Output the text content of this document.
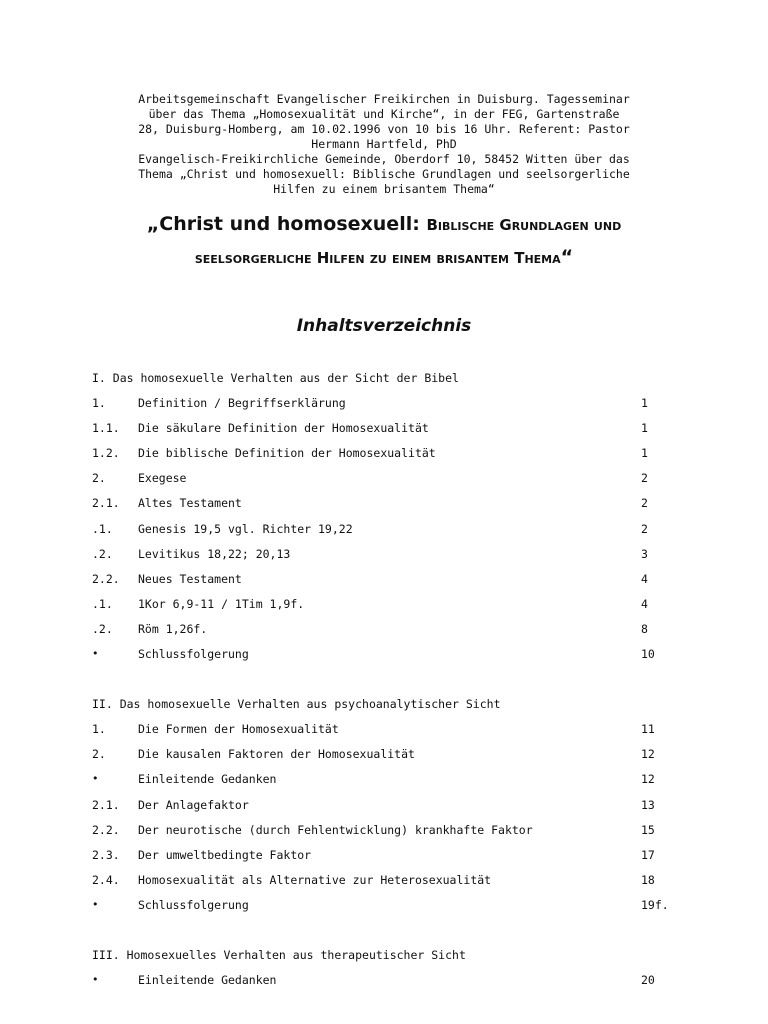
Arbeitsgemeinschaft Evangelischer Freikirchen in Duisburg. Tagesseminar
über das Thema „Homosexualität und Kirche“, in der FEG, Gartenstraße
28, Duisburg-Homberg, am 10.02.1996 von 10 bis 16 Uhr. Referent: Pastor
Hermann Hartfeld, PhD
Evangelisch-Freikirchliche Gemeinde, Oberdorf 10, 58452 Witten über das
Thema „Christ und homosexuell: Biblische Grundlagen und seelsorgerliche
Hilfen zu einem brisantem Thema“
„Christ und homosexuell: Biblische Grundlagen und
seelsorgerliche Hilfen zu einem brisantem Thema“
Inhaltsverzeichnis
I. Das homosexuelle Verhalten aus der Sicht der Bibel
1.	Definition / Begriffserklärung	1
1.1. Die säkulare Definition der Homosexualität	1
1.2. Die biblische Definition der Homosexualität	1
2.	Exegese	2
2.1. Altes Testament	2
.1. Genesis 19,5 vgl. Richter 19,22	2
.2. Levitikus 18,22; 20,13	3
2.2. Neues Testament	4
.1. 1Kor 6,9-11 / 1Tim 1,9f.	4
.2. Röm 1,26f.	8
•	Schlussfolgerung	10
II. Das homosexuelle Verhalten aus psychoanalytischer Sicht
1.	Die Formen der Homosexualität	11
2.	Die kausalen Faktoren der Homosexualität	12
•	Einleitende Gedanken	12
2.1. Der Anlagefaktor	13
2.2. Der neurotische (durch Fehlentwicklung) krankhafte Faktor	15
2.3. Der umweltbedingte Faktor	17
2.4. Homosexualität als Alternative zur Heterosexualität	18
•	Schlussfolgerung	19f.
III. Homosexuelles Verhalten aus therapeutischer Sicht
•	Einleitende Gedanken	20
